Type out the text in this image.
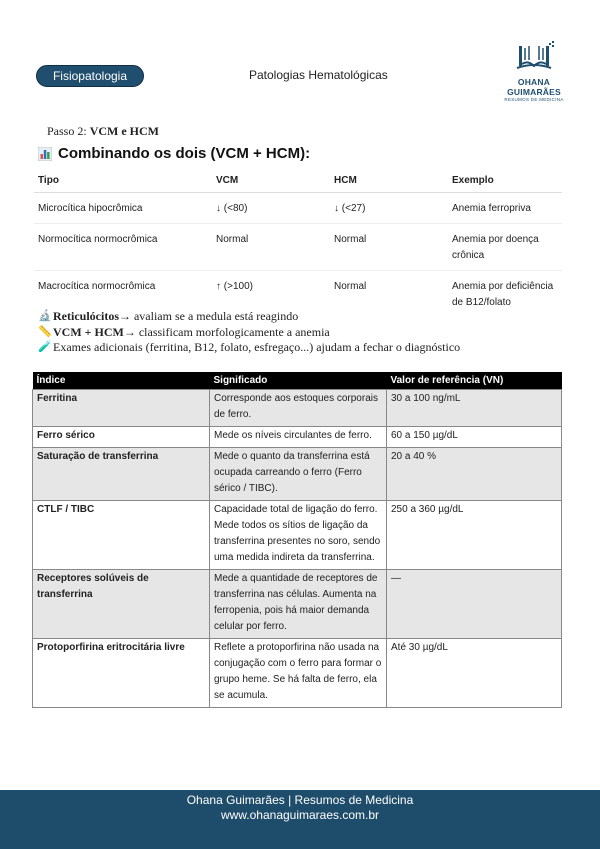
Fisiopatologia	Patologias Hematológicas	OHANA GUIMARÃES
RESUMOS DE MEDICINA
Passo 2: VCM e HCM
Combinando os dois (VCM + HCM):
Tipo	VCM	HCM	Exemplo
Microcítica hipocrômica	↓ (<80)	↓ (<27)	Anemia ferropriva
Normocítica normocrômica	Normal	Normal	Anemia por doença crônica
Macrocítica normocrômica	↑ (>100)	Normal	Anemia por deficiência de B12/folato
🔬 Reticulócitos → avaliam se a medula está reagindo
📏 VCM + HCM → classificam morfologicamente a anemia
🧪 Exames adicionais (ferritina, B12, folato, esfregaço...) ajudam a fechar o diagnóstico
Índice	Significado	Valor de referência (VN)
Ferritina	Corresponde aos estoques corporais de ferro.	30 a 100 ng/mL
Ferro sérico	Mede os níveis circulantes de ferro.	60 a 150 µg/dL
Saturação de transferrina	Mede o quanto da transferrina está ocupada carreando o ferro (Ferro sérico / TIBC).	20 a 40 %
CTLF / TIBC	Capacidade total de ligação do ferro. Mede todos os sítios de ligação da transferrina presentes no soro, sendo uma medida indireta da transferrina.	250 a 360 µg/dL
Receptores solúveis de transferrina	Mede a quantidade de receptores de transferrina nas células. Aumenta na ferropenia, pois há maior demanda celular por ferro.	—
Protoporfirina eritrocitária livre	Reflete a protoporfirina não usada na conjugação com o ferro para formar o grupo heme. Se há falta de ferro, ela se acumula.	Até 30 µg/dL
Ohana Guimarães | Resumos de Medicina
www.ohanaguimaraes.com.br
